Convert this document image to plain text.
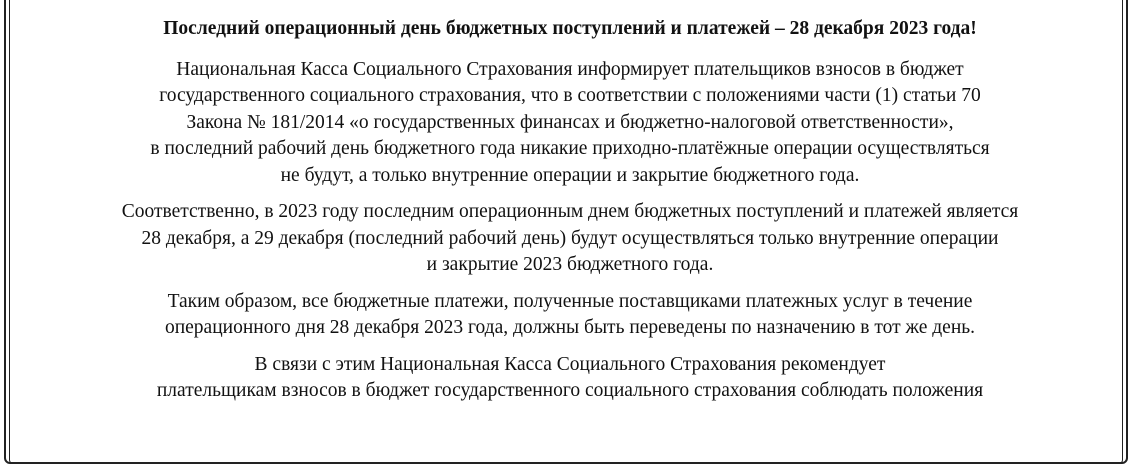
Последний операционный день бюджетных поступлений и платежей – 28 декабря 2023 года!
Национальная Касса Социального Страхования информирует плательщиков взносов в бюджет
государственного социального страхования, что в соответствии с положениями части (1) статьи 70
Закона № 181/2014 «о государственных финансах и бюджетно-налоговой ответственности»,
в последний рабочий день бюджетного года никакие приходно-платёжные операции осуществляться
не будут, а только внутренние операции и закрытие бюджетного года.
Соответственно, в 2023 году последним операционным днем бюджетных поступлений и платежей является
28 декабря, а 29 декабря (последний рабочий день) будут осуществляться только внутренние операции
и закрытие 2023 бюджетного года.
Таким образом, все бюджетные платежи, полученные поставщиками платежных услуг в течение
операционного дня 28 декабря 2023 года, должны быть переведены по назначению в тот же день.
В связи с этим Национальная Касса Социального Страхования рекомендует
плательщикам взносов в бюджет государственного социального страхования соблюдать положения
